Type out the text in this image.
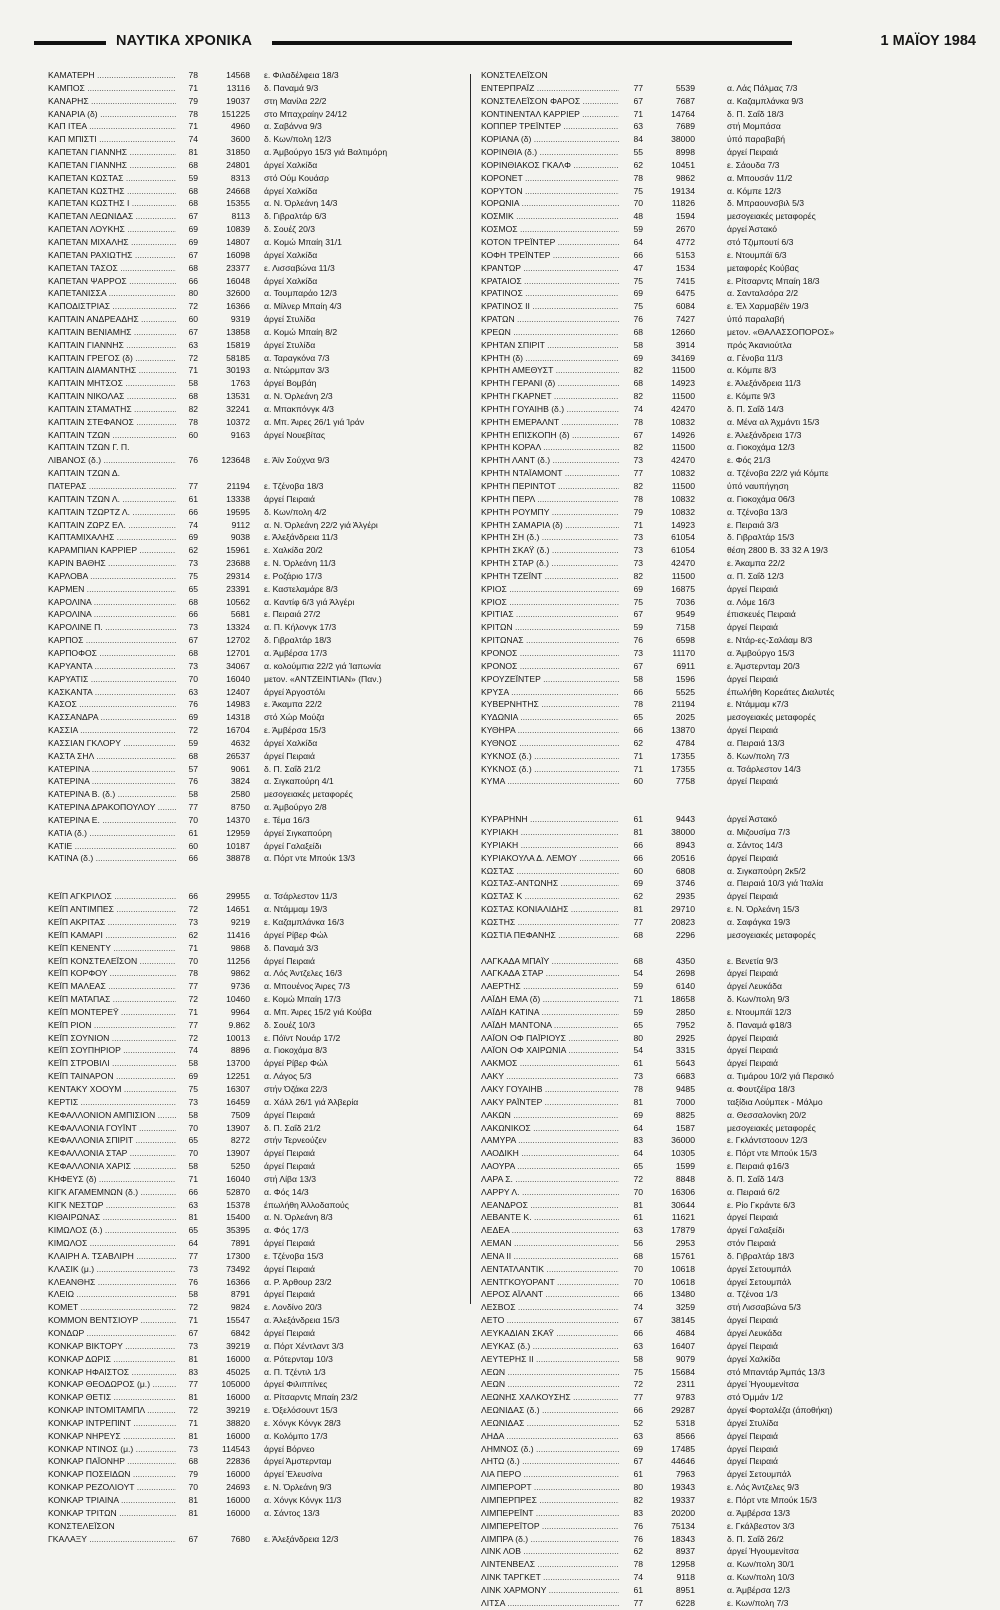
ΝΑΥΤΙΚΑ ΧΡΟΝΙΚΑ	1 ΜΑΪΟΥ 1984
ΚΑΜΑΤΕΡΗ .....	78	14568 ε. Φιλαδέλφεια 18/3
ΚΑΜΠΟΣ .....	71	13116 δ. Παναμά 9/3
ΚΑΝΑΡΗΣ .....	79	19037 στη Μανίλα 22/2
ΚΑΝΑΡΙΑ (δ) .....	78	151225 στο Μπαχραίην 24/12
ΚΑΠ ΙΤΕΑ .....	71	4960 α. Σαβάννα 9/3
ΚΑΠ ΜΠΙΣΤΙ .....	74	3600 δ. Κων/πολη 12/3
ΚΑΠΕΤΑΝ ΓΙΑΝΝΗΣ .....	81	31850 α. Άμβούργο 15/3 γιά Βαλτιμόρη
ΚΑΠΕΤΑΝ ΓΙΑΝΝΗΣ .....	68	24801 άργεί Χαλκίδα
ΚΑΠΕΤΑΝ ΚΩΣΤΑΣ .....	59	8313 στό Ούμ Κουάσρ
ΚΑΠΕΤΑΝ ΚΩΣΤΗΣ .....	68	24668 άργεί Χαλκίδα
ΚΑΠΕΤΑΝ ΚΩΣΤΗΣ Ι .....	68	15355 α. Ν. Όρλεάνη 14/3
ΚΑΠΕΤΑΝ ΛΕΩΝΙΔΑΣ .....	67	8113 δ. Γιβραλτάρ 6/3
ΚΑΠΕΤΑΝ ΛΟΥΚΗΣ .....	69	10839 δ. Σουέζ 20/3
ΚΑΠΕΤΑΝ ΜΙΧΑΛΗΣ .....	69	14807 α. Κομώ Μπαίη 31/1
ΚΑΠΕΤΑΝ ΡΑΧΙΩΤΗΣ .....	67	16098 άργεί Χαλκίδα
ΚΑΠΕΤΑΝ ΤΑΣΟΣ .....	68	23377 ε. Λισσαβώνα 11/3
ΚΑΠΕΤΑΝ ΨΑΡΡΟΣ .....	66	16048 άργεί Χαλκίδα
ΚΑΠΕΤΑΝΙΣΣΑ .....	80	32600 α. Τουμπαράο 12/3
ΚΑΠΟΔΙΣΤΡΙΑΣ .....	72	16366 α. Μίλνερ Μπαίη 4/3
ΚΑΠΤΑΙΝ ΑΝΔΡΕΑΔΗΣ .....	60	9319 άργεί Στυλίδα
ΚΑΠΤΑΙΝ ΒΕΝΙΑΜΗΣ .....	67	13858 α. Κομώ Μπαίη 8/2
ΚΑΠΤΑΙΝ ΓΙΑΝΝΗΣ .....	63	15819 άργεί Στυλίδα
ΚΑΠΤΑΙΝ ΓΡΕΓΟΣ (δ) .....	72	58185 α. Ταραγκόνα 7/3
ΚΑΠΤΑΙΝ ΔΙΑΜΑΝΤΗΣ .....	71	30193 α. Ντώρμπαν 3/3
ΚΑΠΤΑΙΝ ΜΗΤΣΟΣ .....	58	1763 άργεί Βομβάη
ΚΑΠΤΑΙΝ ΝΙΚΟΛΑΣ .....	68	13531 α. Ν. Όρλεάνη 2/3
ΚΑΠΤΑΙΝ ΣΤΑΜΑΤΗΣ .....	82	32241 α. Μπακπόνγκ 4/3
ΚΑΠΤΑΙΝ ΣΤΕΦΑΝΟΣ .....	78	10372 α. Μπ. Άιρες 26/1 γιά Ίράν
ΚΑΠΤΑΙΝ ΤΖΩΝ .....	60	9163 άργεί Νουεβίτας
ΚΑΠΤΑΙΝ ΤΖΩΝ Γ. Π.
ΛΙΒΑΝΟΣ (δ.) .....	76	123648 ε. Άϊν Σούχνα 9/3
ΚΑΠΤΑΙΝ ΤΖΩΝ Δ.
ΠΑΤΕΡΑΣ .....	77	21194 ε. Τζένοβα 18/3
ΚΑΠΤΑΙΝ ΤΖΩΝ Λ. .....	61	13338 άργεί Πειραιά
ΚΑΠΤΑΙΝ ΤΖΩΡΤΖ Λ. .....	66	19595 δ. Κων/πολη 4/2
ΚΑΠΤΑΙΝ ΖΩΡΖ ΕΛ. .....	74	9112 α. Ν. Όρλεάνη 22/2 γιά Άλγέρι
ΚΑΠΤΑΜΙΧΑΛΗΣ .....	69	9038 ε. Άλεξάνδρεια 11/3
ΚΑΡΑΜΠΙΑΝ ΚΑΡΡΙΕΡ .....	62	15961 ε. Χαλκίδα 20/2
ΚΑΡΙΝ ΒΑΘΗΣ .....	73	23688 ε. Ν. Όρλεάνη 11/3
ΚΑΡΛΟΒΑ .....	75	29314 ε. Ροζάριο 17/3
ΚΑΡΜΕΝ .....	65	23391 ε. Καστελαμάρε 8/3
ΚΑΡΟΛΙΝΑ .....	68	10562 α. Καντίφ 6/3 γιά Άλγέρι
ΚΑΡΟΛΙΝΑ .....	66	5681 ε. Πειραιά 27/2
ΚΑΡΟΛΙΝΕ Π. .....	73	13324 α. Π. Κήλονγκ 17/3
ΚΑΡΠΟΣ .....	67	12702 δ. Γιβραλτάρ 18/3
ΚΑΡΠΟΦΟΣ .....	68	12701 α. Άμβέρσα 17/3
ΚΑΡΥΑΝΤΑ .....	73	34067 α. κολούμπια 22/2 γιά Ίαπωνία
ΚΑΡΥΑΤΙΣ .....	70	16040 μετον. «ΑΝΤΖΕΙΝΤΙΑΝ» (Παν.)
ΚΑΣΚΑΝΤΑ .....	63	12407 άργεί Άργοστόλι
ΚΑΣΟΣ .....	76	14983 ε. Άκαμπα 22/2
ΚΑΣΣΑΝΔΡΑ .....	69	14318 στό Χώρ Μούζα
ΚΑΣΣΙΑ .....	72	16704 ε. Άμβέρσα 15/3
ΚΑΣΣΙΑΝ ΓΚΛΟΡΥ .....	59	4632 άργεί Χαλκίδα
ΚΑΣΤΑ ΣΗΛ .....	68	26537 άργεί Πειραιά
ΚΑΤΕΡΙΝΑ .....	57	9061 δ. Π. Σαΐδ 21/2
ΚΑΤΕΡΙΝΑ .....	76	3824 α. Σιγκαπούρη 4/1
ΚΑΤΕΡΙΝΑ Β. (δ.) .....	58	2580 μεσογειακές μεταφορές
ΚΑΤΕΡΙΝΑ ΔΡΑΚΟΠΟΥΛΟΥ .....	77	8750 α. Άμβούργο 2/8
ΚΑΤΕΡΙΝΑ Ε. .....	70	14370 ε. Τέμα 16/3
ΚΑΤΙΑ (δ.) .....	61	12959 άργεί Σιγκαπούρη
ΚΑΤΙΕ .....	60	10187 άργεί Γαλαξείδι
ΚΑΤΙΝΑ (δ.) .....	66	38878 α. Πόρτ ντε Μπούκ 13/3
ΚΕΪΠ ΑΓΚΡΙΛΟΣ .....	66	29955 α. Τσάρλεστον 11/3
ΚΕΪΠ ΑΝΤΙΜΠΕΣ .....	72	14651 α. Ντάμμαμ 19/3
ΚΕΪΠ ΑΚΡΙΤΑΣ .....	73	9219 ε. Καζαμπλάνκα 16/3
ΚΕΪΠ ΚΑΜΑΡΙ .....	62	11416 άργεί Ρίβερ Φώλ
ΚΕΪΠ ΚΕΝΕΝΤΥ .....	71	9868 δ. Παναμά 3/3
ΚΕΪΠ ΚΟΝΣΤΕΛΕΪΣΟΝ .....	70	11256 άργεί Πειραιά
ΚΕΪΠ ΚΟΡΦΟΥ .....	78	9862 α. Λός Άντζελες 16/3
ΚΕΪΠ ΜΑΛΕΑΣ .....	77	9736 α. Μπουένος Άιρες 7/3
ΚΕΪΠ ΜΑΤΑΠΑΣ .....	72	10460 ε. Κομώ Μπαίη 17/3
ΚΕΪΠ ΜΟΝΤΕΡΕΫ .....	71	9964 α. Μπ. Άιρες 15/2 γιά Κούβα
ΚΕΪΠ ΡΙΟΝ .....	77	9.862 δ. Σουέζ 10/3
ΚΕΪΠ ΣΟΥΝΙΟΝ .....	72	10013 ε. Πόϊντ Νουάρ 17/2
ΚΕΪΠ ΣΟΥΠΗΡΙΟΡ .....	74	8896 α. Γιοκοχάμα 8/3
ΚΕΪΠ ΣΤΡΟΒΙΛΙ .....	58	13700 άργεί Ρίβερ Φώλ
ΚΕΪΠ ΤΑΙΝΑΡΟΝ .....	69	12251 α. Λάγος 5/3
ΚΕΝΤΑΚΥ ΧΟΟΥΜ .....	75	16307 στήν Όζάκα 22/3
ΚΕΡΤΙΣ .....	73	16459 α. Χάλλ 26/1 γιά Άλβερία
ΚΕΦΑΛΛΟΝΙΟΝ ΑΜΠΙΣΙΟΝ .....	58	7509 άργεί Πειραιά
ΚΕΦΑΛΛΟΝΙΑ ΓΟΥΪΝΤ .....	70	13907 δ. Π. Σαΐδ 21/2
ΚΕΦΑΛΛΟΝΙΑ ΣΠΙΡΙΤ .....	65	8272 στήν Τερνεούζεν
ΚΕΦΑΛΛΟΝΙΑ ΣΤΑΡ .....	70	13907 άργεί Πειραιά
ΚΕΦΑΛΛΟΝΙΑ ΧΑΡΙΣ .....	58	5250 άργεί Πειραιά
ΚΗΦΕΥΣ (δ) .....	71	16040 στή Λίβα 13/3
ΚΙΓΚ ΑΓΑΜΕΜΝΩΝ (δ.) .....	66	52870 α. Φός 14/3
ΚΙΓΚ ΝΕΣΤΩΡ .....	63	15378 έπωλήθη Άλλοδαπούς
ΚΙΘΑΙΡΩΝΑΣ .....	81	15400 α. Ν. Όρλεάνη 8/3
ΚΙΜΩΛΟΣ (δ.) .....	65	35395 α. Φός 17/3
ΚΙΜΩΛΟΣ .....	64	7891 άργεί Πειραιά
ΚΛΑΙΡΗ Α. ΤΣΑΒΛΙΡΗ .....	77	17300 ε. Τζένοβα 15/3
ΚΛΑΣΙΚ (μ.) .....	73	73492 άργεί Πειραιά
ΚΛΕΑΝΘΗΣ .....	76	16366 α. Ρ. Άρθουρ 23/2
ΚΛΕΙΩ .....	58	8791 άργεί Πειραιά
ΚΟΜΕΤ .....	72	9824 ε. Λονδίνο 20/3
ΚΟΜΜΟΝ ΒΕΝΤΣΙΟΥΡ .....	71	15547 α. Άλεξάνδρεια 15/3
ΚΟΝΔΩΡ .....	67	6842 άργεί Πειραιά
ΚΟΝΚΑΡ ΒΙΚΤΟΡΥ .....	73	39219 α. Πόρτ Χέντλαντ 3/3
ΚΟΝΚΑΡ ΔΩΡΙΣ .....	81	16000 α. Ρότερνταμ 10/3
ΚΟΝΚΑΡ ΗΦΑΙΣΤΟΣ .....	83	45025 α. Π. Τζέντιλ 1/3
ΚΟΝΚΑΡ ΘΕΟΔΩΡΟΣ (μ.) .....	77	105000 άργεί Φιλιππίνες
ΚΟΝΚΑΡ ΘΕΤΙΣ .....	81	16000 α. Ρίτσαρντς Μπαίη 23/2
ΚΟΝΚΑΡ ΙΝΤΟΜΙΤΑΜΠΛ .....	72	39219 ε. Όξελόσουντ 15/3
ΚΟΝΚΑΡ ΙΝΤΡΕΠΙΝΤ .....	71	38820 ε. Χόνγκ Κόνγκ 28/3
ΚΟΝΚΑΡ ΝΗΡΕΥΣ .....	81	16000 α. Κολόμπο 17/3
ΚΟΝΚΑΡ ΝΤΙΝΟΣ (μ.) .....	73	114543 άργεί Βόρνεο
ΚΟΝΚΑΡ ΠΑΪΟΝΗΡ .....	68	22836 άργεί Άμστερνταμ
ΚΟΝΚΑΡ ΠΟΣΕΙΔΩΝ .....	79	16000 άργεί Έλευσίνα
ΚΟΝΚΑΡ ΡΕΖΟΛΙΟΥΤ .....	70	24693 ε. Ν. Όρλεάνη 9/3
ΚΟΝΚΑΡ ΤΡΙΑΙΝΑ .....	81	16000 α. Χόνγκ Κόνγκ 11/3
ΚΟΝΚΑΡ ΤΡΙΤΩΝ .....	81	16000 α. Σάντος 13/3
ΚΟΝΣΤΕΛΕΪΣΟΝ
ΓΚΑΛΑΞΥ .....	67	7680 ε. Άλεξάνδρεια 12/3
ΚΟΝΣΤΕΛΕΪΣΟΝ
ΕΝΤΕΡΠΡΑΪΖ .....	77	5539	α. Λάς Πάλμας 7/3
ΚΟΝΣΤΕΛΕΪΣΟΝ ΦΑΡΟΣ .....	67	7687	α. Καζαμπλάνκα 9/3
ΚΟΝΤΙΝΕΝΤΑΛ ΚΑΡΡΙΕΡ .....	71	14764	δ. Π. Σαΐδ 18/3
ΚΟΠΠΕΡ ΤΡΕΪΝΤΕΡ .....	63	7689	στή Μομπάσα
ΚΟΡΙΑΝΑ (δ) .....	84	38000	ύπό παραβαβή
ΚΟΡΙΝΘΙΑ (δ.) .....	55	8998	άργεί Πειραιά
ΚΟΡΙΝΘΙΑΚΟΣ ΓΚΑΛΦ .....	62	10451	ε. Σάουδα 7/3
ΚΟΡΟΝΕΤ .....	78	9862	α. Μπουσάν 11/2
ΚΟΡΥΤΟΝ .....	75	19134	α. Κόμπε 12/3
ΚΟΡΩΝΙΑ .....	70	11826	δ. Μπραουνσβιλ 5/3
ΚΟΣΜΙΚ .....	48	1594	μεσογειακές μεταφορές
ΚΟΣΜΟΣ .....	59	2670	άργεί Άστακό
ΚΟΤΟΝ ΤΡΕΪΝΤΕΡ .....	64	4772	στό Τζιμπουτί 6/3
ΚΟΦΗ ΤΡΕΪΝΤΕΡ .....	66	5153	ε. Ντουμπάϊ 6/3
ΚΡΑΝΤΩΡ .....	47	1534	μεταφορές Κούβας
ΚΡΑΤΑΙΟΣ .....	75	7415	ε. Ρίτσαρντς Μπαίη 18/3
ΚΡΑΤΙΝΟΣ .....	69	6475	α. Σανταλσόρα 2/2
ΚΡΑΤΙΝΟΣ ΙΙ .....	75	6084	ε. Έλ Χαρμαβέϊν 19/3
ΚΡΑΤΩΝ .....	76	7427	ύπό παραλαβή
ΚΡΕΩΝ .....	68	12660	μετον. «ΘΑΛΑΣΣΟΠΟΡΟΣ»
ΚΡΗΤΑΝ ΣΠΙΡΙΤ .....	58	3914	πρός Άκανιούτλα
ΚΡΗΤΗ (δ) .....	69	34169	α. Γένοβα 11/3
ΚΡΗΤΗ ΑΜΕΘΥΣΤ .....	82	11500	α. Κόμπε 8/3
ΚΡΗΤΗ ΓΕΡΑΝΙ (δ) .....	68	14923	ε. Άλεξάνδρεια 11/3
ΚΡΗΤΗ ΓΚΑΡΝΕΤ .....	82	11500	ε. Κόμπε 9/3
ΚΡΗΤΗ ΓΟΥΑΙΗΒ (δ.) .....	74	42470	δ. Π. Σαΐδ 14/3
ΚΡΗΤΗ ΕΜΕΡΑΛΝΤ .....	78	10832	α. Μένα αλ Άχμάντι 15/3
ΚΡΗΤΗ ΕΠΙΣΚΟΠΗ (δ) .....	67	14926	ε. Άλεξάνδρεια 17/3
ΚΡΗΤΗ ΚΟΡΑΛ .....	82	11500	α. Γιοκοχάμα 12/3
ΚΡΗΤΗ ΛΑΝΤ (δ.) .....	73	42470	ε. Φός 21/3
ΚΡΗΤΗ ΝΤΑΪΑΜΟΝΤ .....	77	10832	α. Τζένοβα 22/2 γιά Κόμπε
ΚΡΗΤΗ ΠΕΡΙΝΤΟΤ .....	82	11500	ύπό ναυπήγηση
ΚΡΗΤΗ ΠΕΡΛ .....	78	10832	α. Γιοκοχάμα 06/3
ΚΡΗΤΗ ΡΟΥΜΠΥ .....	79	10832	α. Τζένοβα 13/3
ΚΡΗΤΗ ΣΑΜΑΡΙΑ (δ) .....	71	14923	ε. Πειραιά 3/3
ΚΡΗΤΗ ΣΗ (δ.) .....	73	61054	δ. Γιβραλτάρ 15/3
ΚΡΗΤΗ ΣΚΑΫ (δ.) .....	73	61054	θέση 2800 Β. 33 32 Α 19/3
ΚΡΗΤΗ ΣΤΑΡ (δ.) .....	73	42470	ε. Άκαμπα 22/2
ΚΡΗΤΗ ΤΖΕΪΝΤ .....	82	11500	α. Π. Σαΐδ 12/3
ΚΡΙΟΣ .....	69	16875	άργεί Πειραιά
ΚΡΙΟΣ .....	75	7036	α. Λόμε 16/3
ΚΡΙΤΙΑΣ .....	67	9549	έπισκευές Πειραιά
ΚΡΙΤΩΝ .....	59	7158	άργεί Πειραιά
ΚΡΙΤΩΝΑΣ .....	76	6598	ε. Ντάρ-ες-Σαλάαμ 8/3
ΚΡΟΝΟΣ .....	73	11170	α. Άμβούργο 15/3
ΚΡΟΝΟΣ .....	67	6911	ε. Άμστερνταμ 20/3
ΚΡΟΥΖΕΪΝΤΕΡ .....	58	1596	άργεί Πειραιά
ΚΡΥΣΑ .....	66	5525	έπωλήθη Κορεάτες Διαλυτές
ΚΥΒΕΡΝΗΤΗΣ .....	78	21194	ε. Ντάμμαμ κ7/3
ΚΥΔΩΝΙΑ .....	65	2025	μεσογειακές μεταφορές
ΚΥΘΗΡΑ .....	66	13870	άργεί Πειραιά
ΚΥΘΝΟΣ .....	62	4784	α. Πειραιά 13/3
ΚΥΚΝΟΣ (δ.) .....	71	17355	δ. Κων/πολη 7/3
ΚΥΚΝΟΣ (δ.) .....	71	17355	α. Τσάρλεστον 14/3
ΚΥΜΑ .....	60	7758	άργεί Πειραιά
ΚΥΡΑΡΗΝΗ .....	61	9443	άργεί Άστακό
ΚΥΡΙΑΚΗ .....	81	38000	α. Μιζουσίμα 7/3
ΚΥΡΙΑΚΗ .....	66	8943	α. Σάντος 14/3
ΚΥΡΙΑΚΟΥΛΑ Δ. ΛΕΜΟΥ .....	66	20516	άργεί Πειραιά
ΚΩΣΤΑΣ .....	60	6808	α. Σιγκαπούρη 2κ5/2
ΚΩΣΤΑΣ-ΑΝΤΩΝΗΣ .....	69	3746	α. Πειραιά 10/3 γιά Ίταλία
ΚΩΣΤΑΣ Κ .....	62	2935	άργεί Πειραιά
ΚΩΣΤΑΣ ΚΟΝΙΑΛΙΔΗΣ .....	81	29710	ε. Ν. Όρλεάνη 15/3
ΚΩΣΤΗΣ .....	77	20823	α. Σαφάγκα 19/3
ΚΩΣΤΙΑ ΠΕΦΑΝΗΣ .....	68	2296	μεσογειακές μεταφορές
ΛΑΓΚΑΔΑ ΜΠΑΪΥ .....	68	4350	ε. Βενετία 9/3
ΛΑΓΚΑΔΑ ΣΤΑΡ .....	54	2698	άργεί Πειραιά
ΛΑΕΡΤΗΣ .....	59	6140	άργεί Λευκάδα
ΛΑΪΔΗ ΕΜΑ (δ) .....	71	18658	δ. Κων/πολη 9/3
ΛΑΪΔΗ ΚΑΤΙΝΑ .....	59	2850	ε. Ντουμπάϊ 12/3
ΛΑΪΔΗ ΜΑΝΤΟΝΑ .....	65	7952	δ. Παναμά φ18/3
ΛΑΪΟΝ ΟΦ ΠΑΪΡΙΟΥΣ .....	80	2925	άργεί Πειραιά
ΛΑΪΟΝ ΟΦ ΧΑΙΡΩΝΙΑ .....	54	3315	άργεί Πειραιά
ΛΑΚΜΟΣ .....	61	5643	άργεί Πειραιά
ΛΑΚΥ .....	73	6683	α. Τιμάρου 10/2 γιά Περσικό
ΛΑΚΥ ΓΟΥΑΙΗΒ .....	78	9485	α. Φουτζέϊρα 18/3
ΛΑΚΥ ΡΑΪΝΤΕΡ .....	81	7000	ταξίδια Λούμπεκ - Μάλμο
ΛΑΚΩΝ .....	69	8825	α. Θεσσαλονίκη 20/2
ΛΑΚΩΝΙΚΟΣ .....	64	1587	μεσογειακές μεταφορές
ΛΑΜΥΡΑ .....	83	36000	ε. Γκλάντστοουν 12/3
ΛΑΟΔΙΚΗ .....	64	10305	ε. Πόρτ ντε Μπούκ 15/3
ΛΑΟΥΡΑ .....	65	1599	ε. Πειραιά φ16/3
ΛΑΡΑ Σ. .....	72	8848	δ. Π. Σαΐδ 14/3
ΛΑΡΡΥ Λ. .....	70	16306	α. Πειραιά 6/2
ΛΕΑΝΔΡΟΣ .....	81	30644	ε. Ρίο Γκράντε 6/3
ΛΕΒΑΝΤΕ Κ. .....	61	11621	άργεί Πειραιά
ΛΕΔΕΑ .....	63	17879	άργεί Γαλαξείδι
ΛΕΜΑΝ .....	56	2953	στόν Πειραιά
ΛΕΝΑ ΙΙ .....	68	15761	δ. Γιβραλτάρ 18/3
ΛΕΝΤΑΤΛΑΝΤΙΚ .....	70	10618	άργεί Σετουμπάλ
ΛΕΝΤΓΚΟΥΟΡΑΝΤ .....	70	10618	άργεί Σετουμπάλ
ΛΕΡΟΣ ΑΪΛΑΝΤ .....	66	13480	α. Τζένοα 1/3
ΛΕΣΒΟΣ .....	74	3259	στή Λισσαβώνα 5/3
ΛΕΤΟ .....	67	38145	άργεί Πειραιά
ΛΕΥΚΑΔΙΑΝ ΣΚΑΫ .....	66	4684	άργεί Λευκάδα
ΛΕΥΚΑΣ (δ.) .....	63	16407	άργεί Πειραιά
ΛΕΥΤΕΡΗΣ ΙΙ .....	58	9079	άργεί Χαλκίδα
ΛΕΩΝ .....	75	15684	στό Μπαντάρ Άμπάς 13/3
ΛΕΩΝ .....	72	2311	άργεί Ήγουμενίτσα
ΛΕΩΝΗΣ ΧΑΛΚΟΥΣΗΣ .....	77	9783	στό Όμμάν 1/2
ΛΕΩΝΙΔΑΣ (δ.) .....	66	29287	άργεί Φορταλέζα (άποθήκη)
ΛΕΩΝΙΔΑΣ .....	52	5318	άργεί Στυλίδα
ΛΗΔΑ .....	63	8566	άργεί Πειραιά
ΛΗΜΝΟΣ (δ.) .....	69	17485	άργεί Πειραιά
ΛΗΤΩ (δ.) .....	67	44646	άργεί Πειραιά
ΛΙΑ ΠΕΡΟ .....	61	7963	άργεί Σετουμπάλ
ΛΙΜΠΕΡΟΡΤ .....	80	19343	ε. Λός Άντζελες 9/3
ΛΙΜΠΕΡΠΡΕΣ .....	82	19337	ε. Πόρτ ντε Μπούκ 15/3
ΛΙΜΠΕΡΕΪΝΤ .....	83	20200	α. Άμβέρσα 13/3
ΛΙΜΠΕΡΕΪΤΟΡ .....	76	75134	ε. Γκάλβεστον 3/3
ΛΙΜΠΡΑ (δ.) .....	76	18343	δ. Π. Σαΐδ 26/2
ΛΙΝΚ ΛΟΒ .....	62	8937	άργεί Ήγουμενίτσα
ΛΙΝΤΕΝΒΕΛΣ .....	78	12958	α. Κων/πολη 30/1
ΛΙΝΚ ΤΑΡΓΚΕΤ .....	74	9118	α. Κων/πολη 10/3
ΛΙΝΚ ΧΑΡΜΟΝΥ .....	61	8951	α. Άμβέρσα 12/3
ΛΙΤΣΑ .....	77	6228	ε. Κων/πολη 7/3
